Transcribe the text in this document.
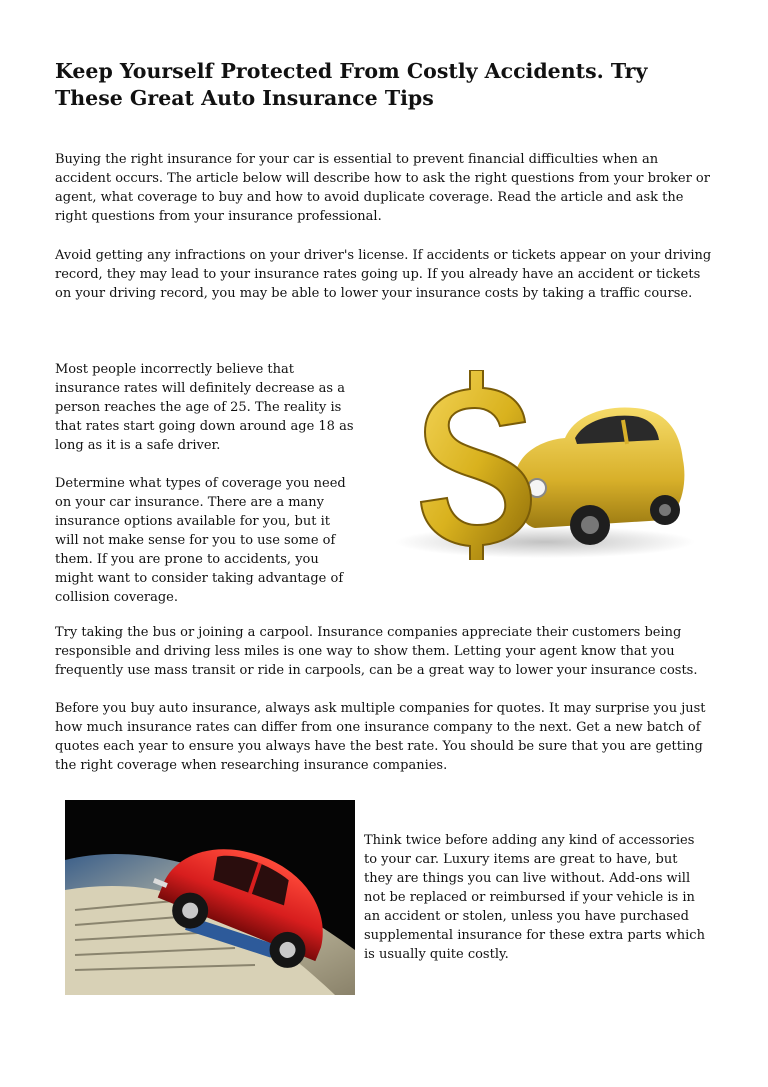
Keep Yourself Protected From Costly Accidents. Try These Great Auto Insurance Tips

Buying the right insurance for your car is essential to prevent financial difficulties when an accident occurs. The article below will describe how to ask the right questions from your broker or agent, what coverage to buy and how to avoid duplicate coverage. Read the article and ask the right questions from your insurance professional.

Avoid getting any infractions on your driver's license. If accidents or tickets appear on your driving record, they may lead to your insurance rates going up. If you already have an accident or tickets on your driving record, you may be able to lower your insurance costs by taking a traffic course.

Most people incorrectly believe that insurance rates will definitely decrease as a person reaches the age of 25. The reality is that rates start going down around age 18 as long as it is a safe driver.

Determine what types of coverage you need on your car insurance. There are a many insurance options available for you, but it will not make sense for you to use some of them. If you are prone to accidents, you might want to consider taking advantage of collision coverage.

Try taking the bus or joining a carpool. Insurance companies appreciate their customers being responsible and driving less miles is one way to show them. Letting your agent know that you frequently use mass transit or ride in carpools, can be a great way to lower your insurance costs.

Before you buy auto insurance, always ask multiple companies for quotes. It may surprise you just how much insurance rates can differ from one insurance company to the next. Get a new batch of quotes each year to ensure you always have the best rate. You should be sure that you are getting the right coverage when researching insurance companies.

Think twice before adding any kind of accessories to your car. Luxury items are great to have, but they are things you can live without. Add-ons will not be replaced or reimbursed if your vehicle is in an accident or stolen, unless you have purchased supplemental insurance for these extra parts which is usually quite costly.
